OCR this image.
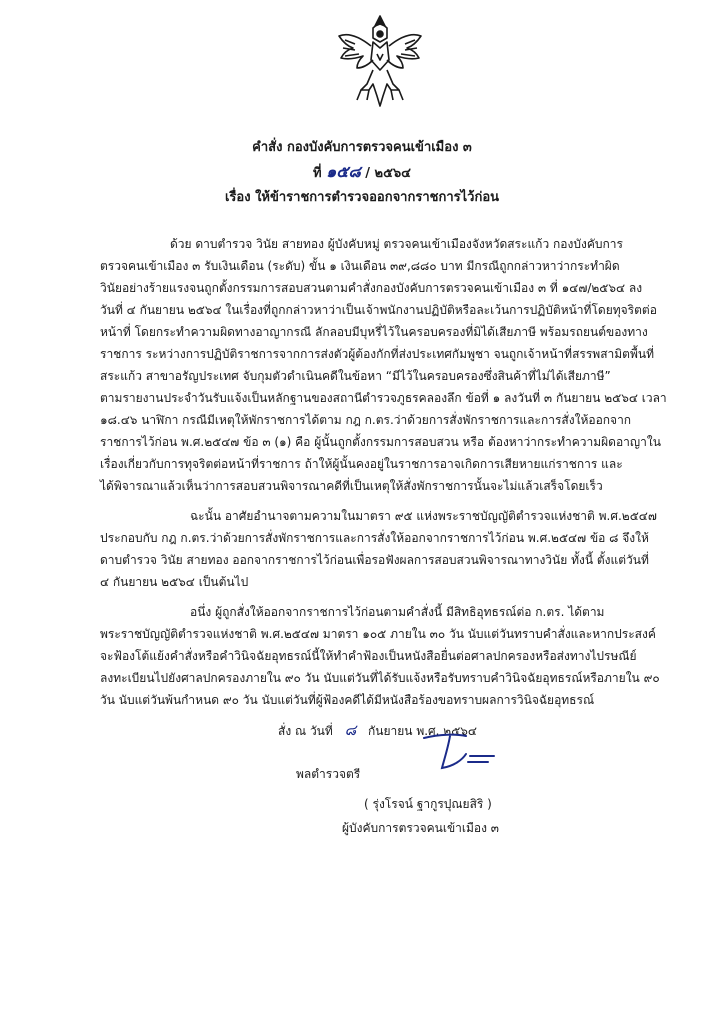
คำสั่ง กองบังคับการตรวจคนเข้าเมือง ๓
ที่ ๑๕๘ / ๒๕๖๔
เรื่อง ให้ข้าราชการตำรวจออกจากราชการไว้ก่อน
ด้วย ดาบตำรวจ วินัย สายทอง ผู้บังคับหมู่ ตรวจคนเข้าเมืองจังหวัดสระแก้ว กองบังคับการ
ตรวจคนเข้าเมือง ๓ รับเงินเดือน (ระดับ) ขั้น ๑ เงินเดือน ๓๙,๘๘๐ บาท มีกรณีถูกกล่าวหาว่ากระทำผิด
วินัยอย่างร้ายแรงจนถูกตั้งกรรมการสอบสวนตามคำสั่งกองบังคับการตรวจคนเข้าเมือง ๓ ที่ ๑๔๗/๒๕๖๔ ลง
วันที่ ๔ กันยายน ๒๕๖๔ ในเรื่องที่ถูกกล่าวหาว่าเป็นเจ้าพนักงานปฏิบัติหรือละเว้นการปฏิบัติหน้าที่โดยทุจริตต่อ
หน้าที่ โดยกระทำความผิดทางอาญากรณี ลักลอบมีบุหรี่ไว้ในครอบครองที่มิได้เสียภาษี พร้อมรถยนต์ของทาง
ราชการ ระหว่างการปฏิบัติราชการจากการส่งตัวผู้ต้องกักที่ส่งประเทศกัมพูชา จนถูกเจ้าหน้าที่สรรพสามิตพื้นที่
สระแก้ว สาขาอรัญประเทศ จับกุมตัวดำเนินคดีในข้อหา “มีไว้ในครอบครองซึ่งสินค้าที่ไม่ได้เสียภาษี”
ตามรายงานประจำวันรับแจ้งเป็นหลักฐานของสถานีตำรวจภูธรคลองลึก ข้อที่ ๑ ลงวันที่ ๓ กันยายน ๒๕๖๔ เวลา
๑๘.๔๖ นาฬิกา กรณีมีเหตุให้พักราชการได้ตาม กฎ ก.ตร.ว่าด้วยการสั่งพักราชการและการสั่งให้ออกจาก
ราชการไว้ก่อน พ.ศ.๒๕๔๗ ข้อ ๓ (๑) คือ ผู้นั้นถูกตั้งกรรมการสอบสวน หรือ ต้องหาว่ากระทำความผิดอาญาใน
เรื่องเกี่ยวกับการทุจริตต่อหน้าที่ราชการ ถ้าให้ผู้นั้นคงอยู่ในราชการอาจเกิดการเสียหายแก่ราชการ และ
ได้พิจารณาแล้วเห็นว่าการสอบสวนพิจารณาคดีที่เป็นเหตุให้สั่งพักราชการนั้นจะไม่แล้วเสร็จโดยเร็ว
ฉะนั้น อาศัยอำนาจตามความในมาตรา ๙๕ แห่งพระราชบัญญัติตำรวจแห่งชาติ พ.ศ.๒๕๔๗
ประกอบกับ กฎ ก.ตร.ว่าด้วยการสั่งพักราชการและการสั่งให้ออกจากราชการไว้ก่อน พ.ศ.๒๕๔๗ ข้อ ๘ จึงให้
ดาบตำรวจ วินัย สายทอง ออกจากราชการไว้ก่อนเพื่อรอฟังผลการสอบสวนพิจารณาทางวินัย ทั้งนี้ ตั้งแต่วันที่
๔ กันยายน ๒๕๖๔ เป็นต้นไป
อนึ่ง ผู้ถูกสั่งให้ออกจากราชการไว้ก่อนตามคำสั่งนี้ มีสิทธิอุทธรณ์ต่อ ก.ตร. ได้ตาม
พระราชบัญญัติตำรวจแห่งชาติ พ.ศ.๒๕๔๗ มาตรา ๑๐๕ ภายใน ๓๐ วัน นับแต่วันทราบคำสั่งและหากประสงค์
จะฟ้องโต้แย้งคำสั่งหรือคำวินิจฉัยอุทธรณ์นี้ให้ทำคำฟ้องเป็นหนังสือยื่นต่อศาลปกครองหรือส่งทางไปรษณีย์
ลงทะเบียนไปยังศาลปกครองภายใน ๙๐ วัน นับแต่วันที่ได้รับแจ้งหรือรับทราบคำวินิจฉัยอุทธรณ์หรือภายใน ๙๐
วัน นับแต่วันพ้นกำหนด ๙๐ วัน นับแต่วันที่ผู้ฟ้องคดีได้มีหนังสือร้องขอทราบผลการวินิจฉัยอุทธรณ์
สั่ง ณ วันที่ ๘ กันยายน พ.ศ. ๒๕๖๔
พลตำรวจตรี
( รุ่งโรจน์ ฐากูรปุณยสิริ )
ผู้บังคับการตรวจคนเข้าเมือง ๓
